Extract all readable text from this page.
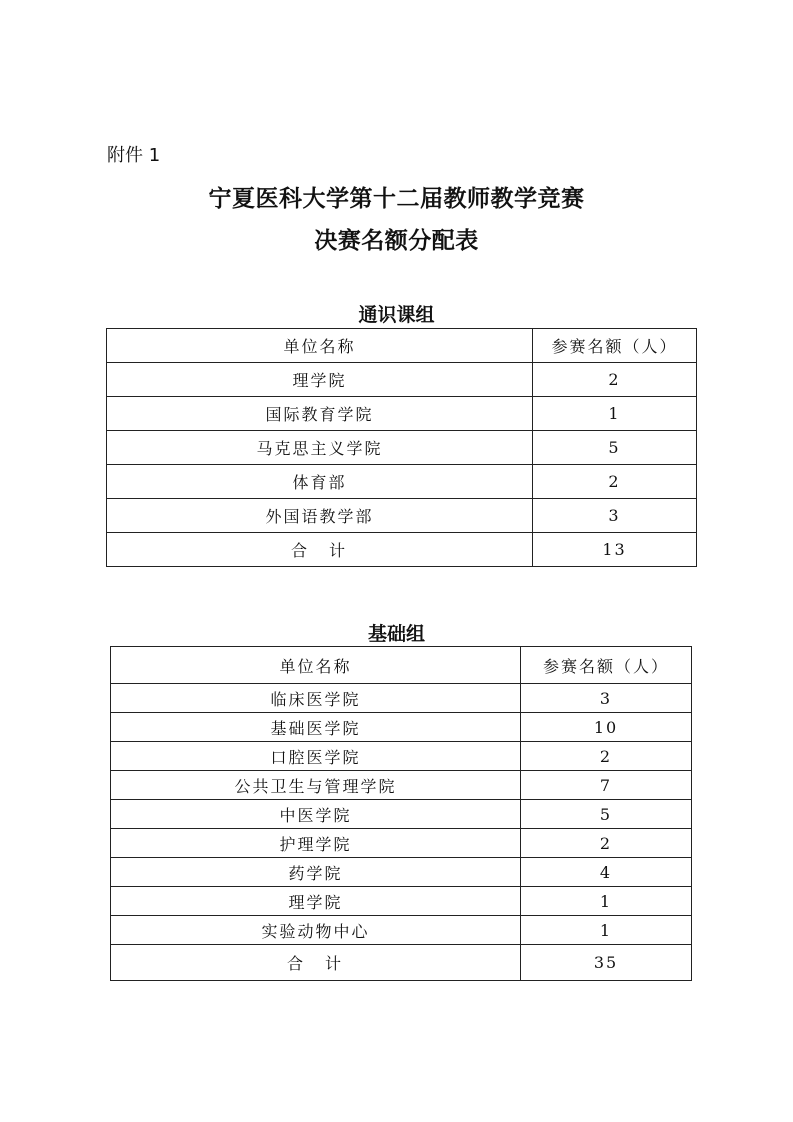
附件 1
宁夏医科大学第十二届教师教学竞赛
决赛名额分配表
通识课组
单位名称	参赛名额（人）
理学院	2
国际教育学院	1
马克思主义学院	5
体育部	2
外国语教学部	3
合　计	13
基础组
单位名称	参赛名额（人）
临床医学院	3
基础医学院	10
口腔医学院	2
公共卫生与管理学院	7
中医学院	5
护理学院	2
药学院	4
理学院	1
实验动物中心	1
合　计	35
